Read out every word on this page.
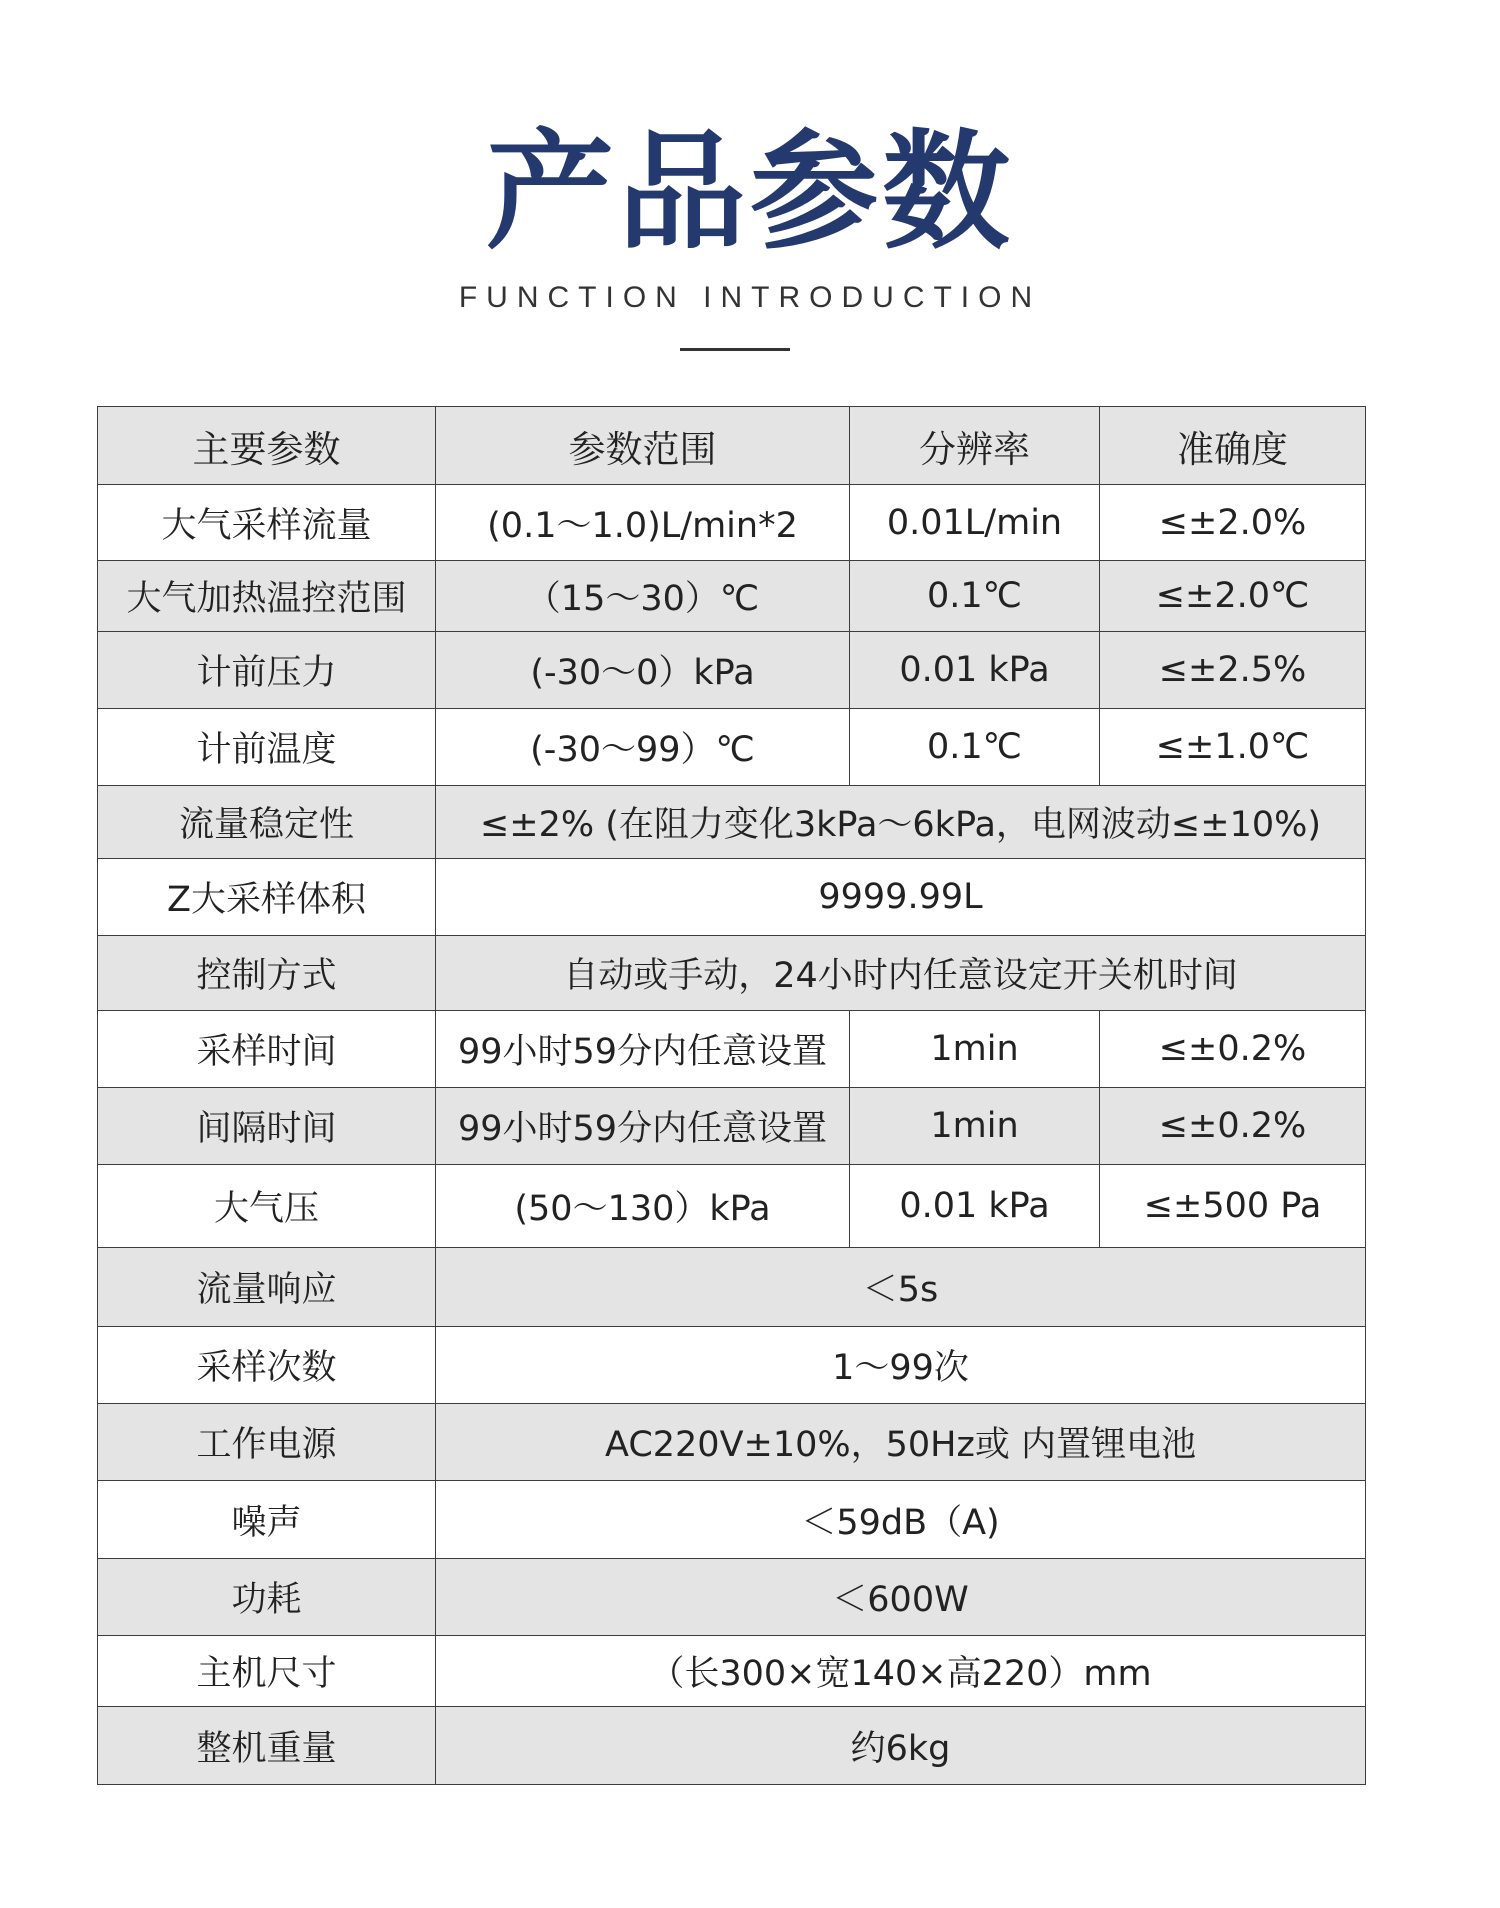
产品参数
FUNCTION INTRODUCTION
主要参数	参数范围	分辨率	准确度
大气采样流量	(0.1～1.0)L/min*2	0.01L/min	≤±2.0%
大气加热温控范围	（15～30）℃	0.1℃	≤±2.0℃
计前压力	(-30～0）kPa	0.01 kPa	≤±2.5%
计前温度	(-30～99）℃	0.1℃	≤±1.0℃
流量稳定性	≤±2% (在阻力变化3kPa～6kPa，电网波动≤±10%)		
Z大采样体积	9999.99L		
控制方式	自动或手动，24小时内任意设定开关机时间		
采样时间	99小时59分内任意设置	1min	≤±0.2%
间隔时间	99小时59分内任意设置	1min	≤±0.2%
大气压	(50～130）kPa	0.01 kPa	≤±500 Pa
流量响应	＜5s		
采样次数	1～99次		
工作电源	AC220V±10%，50Hz或 内置锂电池		
噪声	＜59dB（A)		
功耗	＜600W		
主机尺寸	（长300×宽140×高220）mm		
整机重量	约6kg		
